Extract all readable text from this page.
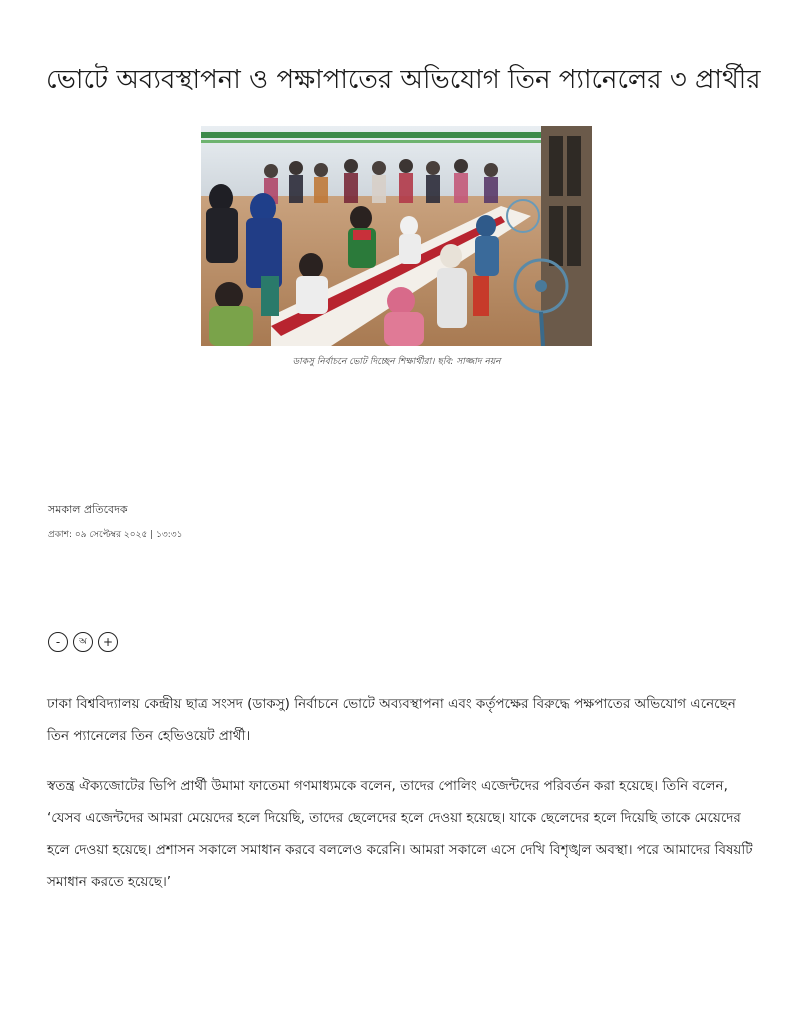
ভোটে অব্যবস্থাপনা ও পক্ষাপাতের অভিযোগ তিন প্যানেলের ৩ প্রার্থীর
ডাকসু নির্বাচনে ভোট দিচ্ছেন শিক্ষার্থীরা। ছবি: সাজ্জাদ নয়ন
সমকাল প্রতিবেদক
প্রকাশ: ০৯ সেপ্টেম্বর ২০২৫ | ১৩:৩১
-	অ	+

ঢাকা বিশ্ববিদ্যালয় কেন্দ্রীয় ছাত্র সংসদ (ডাকসু) নির্বাচনে ভোটে অব্যবস্থাপনা এবং কর্তৃপক্ষের বিরুদ্ধে পক্ষপাতের অভিযোগ এনেছেন তিন প্যানেলের তিন হেভিওয়েট প্রার্থী।

স্বতন্ত্র ঐক্যজোটের ভিপি প্রার্থী উমামা ফাতেমা গণমাধ্যমকে বলেন, তাদের পোলিং এজেন্টদের পরিবর্তন করা হয়েছে। তিনি বলেন, ‘যেসব এজেন্টদের আমরা মেয়েদের হলে দিয়েছি, তাদের ছেলেদের হলে দেওয়া হয়েছে। যাকে ছেলেদের হলে দিয়েছি তাকে মেয়েদের হলে দেওয়া হয়েছে। প্রশাসন সকালে সমাধান করবে বললেও করেনি। আমরা সকালে এসে দেখি বিশৃঙ্খল অবস্থা। পরে আমাদের বিষয়টি সমাধান করতে হয়েছে।’
